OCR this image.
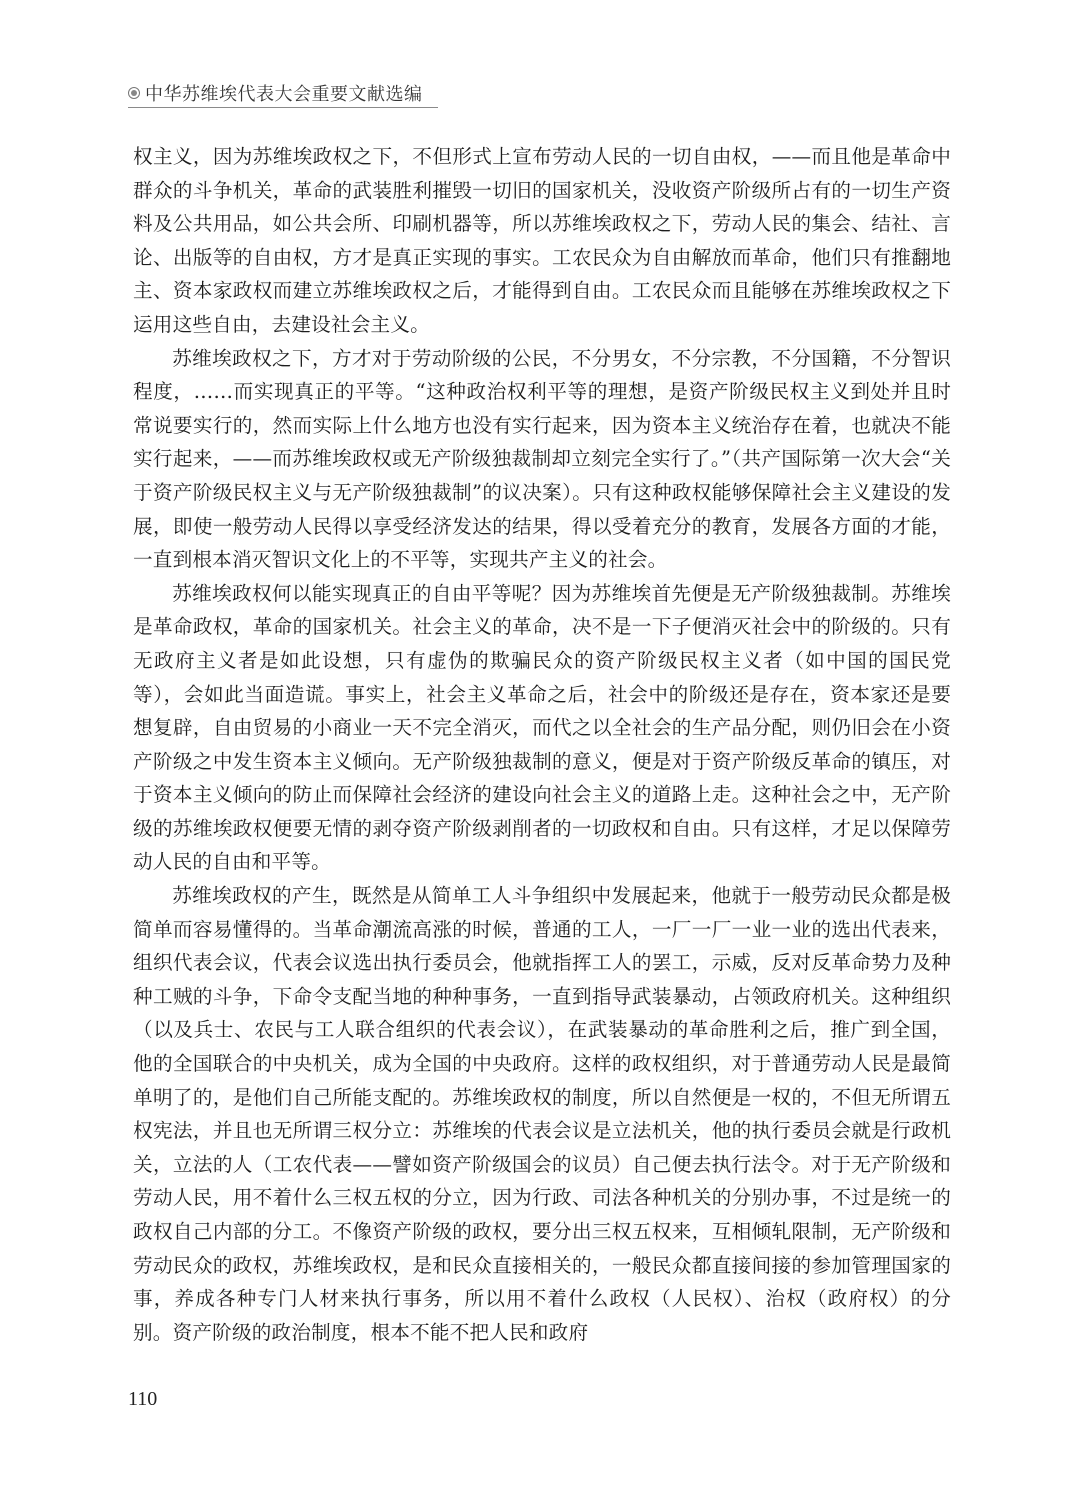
中华苏维埃代表大会重要文献选编

权主义，因为苏维埃政权之下，不但形式上宣布劳动人民的一切自由权，——而且他是革命中群众的斗争机关，革命的武装胜利摧毁一切旧的国家机关，没收资产阶级所占有的一切生产资料及公共用品，如公共会所、印刷机器等，所以苏维埃政权之下，劳动人民的集会、结社、言论、出版等的自由权，方才是真正实现的事实。工农民众为自由解放而革命，他们只有推翻地主、资本家政权而建立苏维埃政权之后，才能得到自由。工农民众而且能够在苏维埃政权之下运用这些自由，去建设社会主义。

苏维埃政权之下，方才对于劳动阶级的公民，不分男女，不分宗教，不分国籍，不分智识程度，……而实现真正的平等。“这种政治权利平等的理想，是资产阶级民权主义到处并且时常说要实行的，然而实际上什么地方也没有实行起来，因为资本主义统治存在着，也就决不能实行起来，——而苏维埃政权或无产阶级独裁制却立刻完全实行了。”（共产国际第一次大会“关于资产阶级民权主义与无产阶级独裁制”的议决案）。只有这种政权能够保障社会主义建设的发展，即使一般劳动人民得以享受经济发达的结果，得以受着充分的教育，发展各方面的才能，一直到根本消灭智识文化上的不平等，实现共产主义的社会。

苏维埃政权何以能实现真正的自由平等呢？因为苏维埃首先便是无产阶级独裁制。苏维埃是革命政权，革命的国家机关。社会主义的革命，决不是一下子便消灭社会中的阶级的。只有无政府主义者是如此设想，只有虚伪的欺骗民众的资产阶级民权主义者（如中国的国民党等），会如此当面造谎。事实上，社会主义革命之后，社会中的阶级还是存在，资本家还是要想复辟，自由贸易的小商业一天不完全消灭，而代之以全社会的生产品分配，则仍旧会在小资产阶级之中发生资本主义倾向。无产阶级独裁制的意义，便是对于资产阶级反革命的镇压，对于资本主义倾向的防止而保障社会经济的建设向社会主义的道路上走。这种社会之中，无产阶级的苏维埃政权便要无情的剥夺资产阶级剥削者的一切政权和自由。只有这样，才足以保障劳动人民的自由和平等。

苏维埃政权的产生，既然是从简单工人斗争组织中发展起来，他就于一般劳动民众都是极简单而容易懂得的。当革命潮流高涨的时候，普通的工人，一厂一厂一业一业的选出代表来，组织代表会议，代表会议选出执行委员会，他就指挥工人的罢工，示威，反对反革命势力及种种工贼的斗争，下命令支配当地的种种事务，一直到指导武装暴动，占领政府机关。这种组织（以及兵士、农民与工人联合组织的代表会议），在武装暴动的革命胜利之后，推广到全国，他的全国联合的中央机关，成为全国的中央政府。这样的政权组织，对于普通劳动人民是最简单明了的，是他们自己所能支配的。苏维埃政权的制度，所以自然便是一权的，不但无所谓五权宪法，并且也无所谓三权分立：苏维埃的代表会议是立法机关，他的执行委员会就是行政机关，立法的人（工农代表——譬如资产阶级国会的议员）自己便去执行法令。对于无产阶级和劳动人民，用不着什么三权五权的分立，因为行政、司法各种机关的分别办事，不过是统一的政权自己内部的分工。不像资产阶级的政权，要分出三权五权来，互相倾轧限制，无产阶级和劳动民众的政权，苏维埃政权，是和民众直接相关的，一般民众都直接间接的参加管理国家的事，养成各种专门人材来执行事务，所以用不着什么政权（人民权）、治权（政府权）的分别。资产阶级的政治制度，根本不能不把人民和政府

110
